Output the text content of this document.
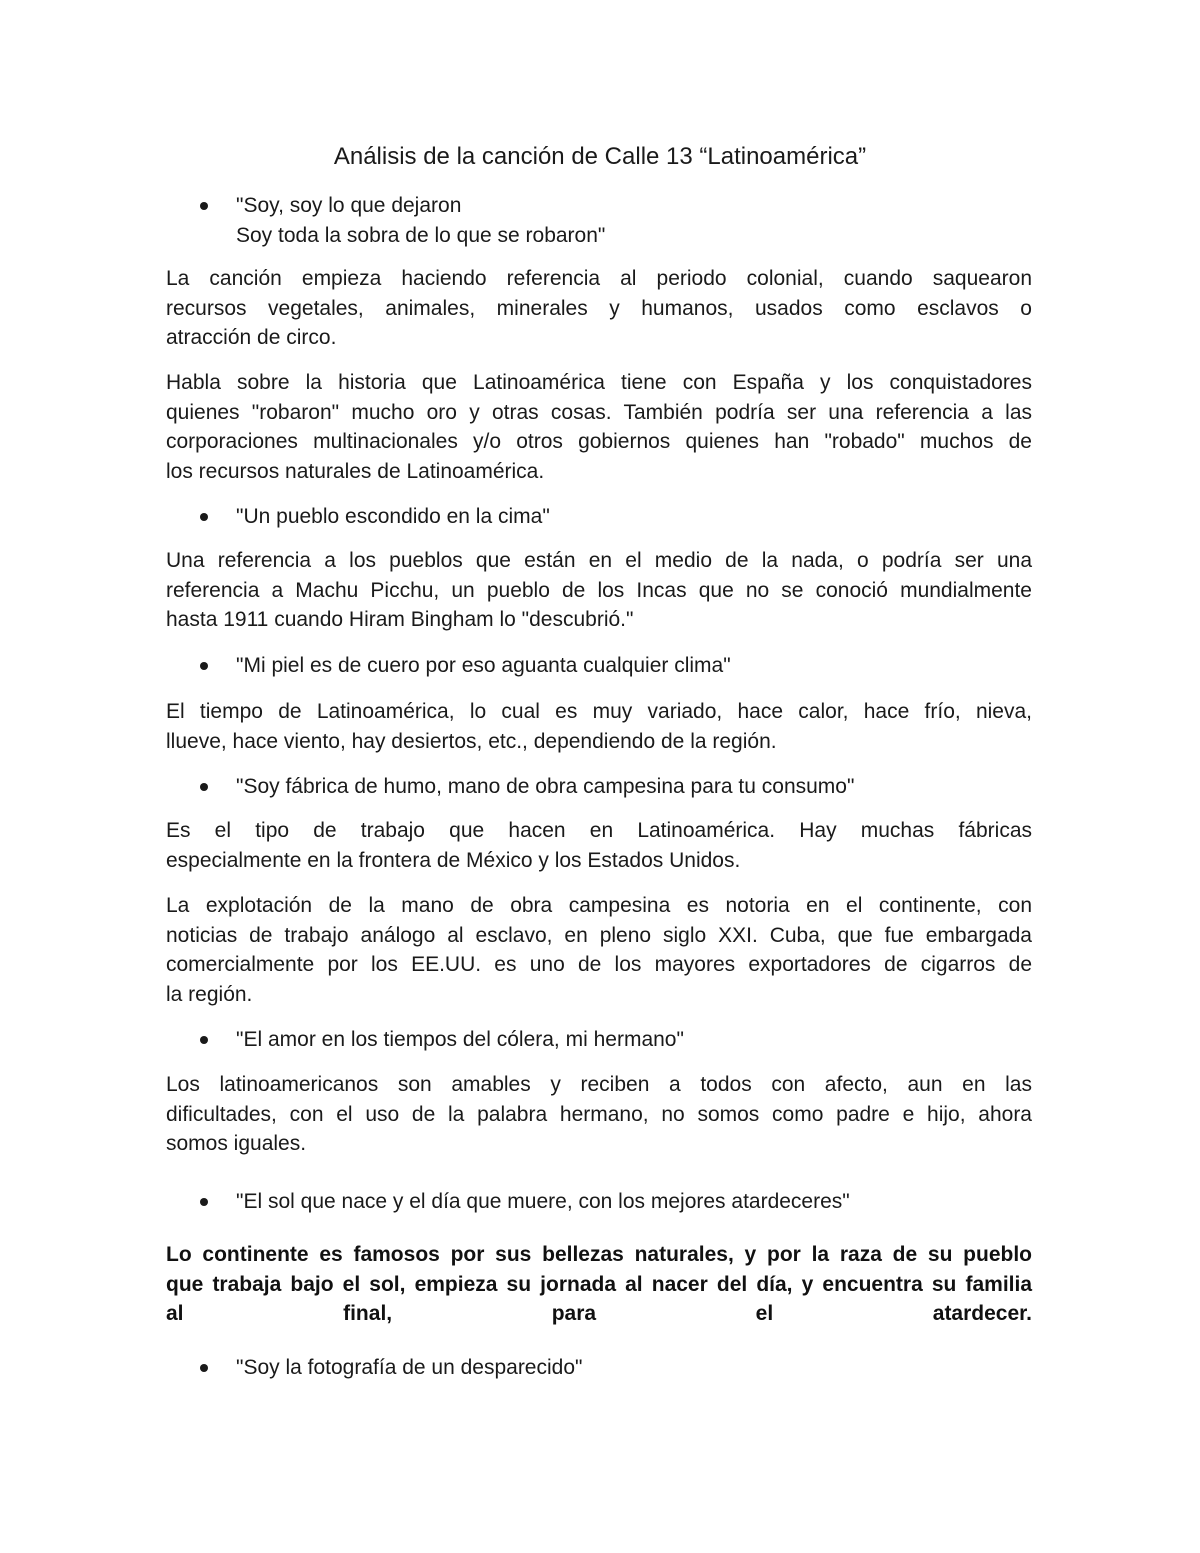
Análisis de la canción de Calle 13 “Latinoamérica”
"Soy, soy lo que dejaron
Soy toda la sobra de lo que se robaron"
La canción empieza haciendo referencia al periodo colonial, cuando saquearon
recursos vegetales, animales, minerales y humanos, usados como esclavos o
atracción de circo.
Habla sobre la historia que Latinoamérica tiene con España y los conquistadores
quienes "robaron" mucho oro y otras cosas. También podría ser una referencia a las
corporaciones multinacionales y/o otros gobiernos quienes han "robado" muchos de
los recursos naturales de Latinoamérica.
"Un pueblo escondido en la cima"
Una referencia a los pueblos que están en el medio de la nada, o podría ser una
referencia a Machu Picchu, un pueblo de los Incas que no se conoció mundialmente
hasta 1911 cuando Hiram Bingham lo "descubrió."
"Mi piel es de cuero por eso aguanta cualquier clima"
El tiempo de Latinoamérica, lo cual es muy variado, hace calor, hace frío, nieva,
llueve, hace viento, hay desiertos, etc., dependiendo de la región.
"Soy fábrica de humo, mano de obra campesina para tu consumo"
Es el tipo de trabajo que hacen en Latinoamérica. Hay muchas fábricas
especialmente en la frontera de México y los Estados Unidos.
La explotación de la mano de obra campesina es notoria en el continente, con
noticias de trabajo análogo al esclavo, en pleno siglo XXI. Cuba, que fue embargada
comercialmente por los EE.UU. es uno de los mayores exportadores de cigarros de
la región.
"El amor en los tiempos del cólera, mi hermano"
Los latinoamericanos son amables y reciben a todos con afecto, aun en las
dificultades, con el uso de la palabra hermano, no somos como padre e hijo, ahora
somos iguales.
"El sol que nace y el día que muere, con los mejores atardeceres"
Lo continente es famosos por sus bellezas naturales, y por la raza de su pueblo
que trabaja bajo el sol, empieza su jornada al nacer del día, y encuentra su familia
al final, para el atardecer.
"Soy la fotografía de un desparecido"
